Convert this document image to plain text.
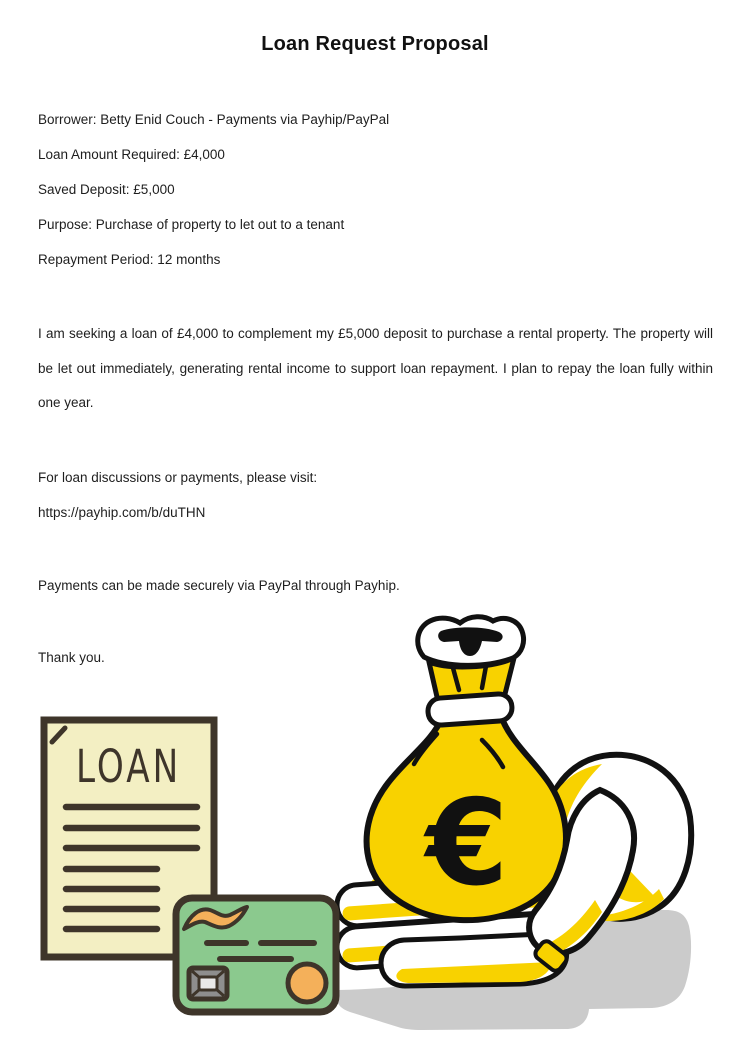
Loan Request Proposal

Borrower: Betty Enid Couch - Payments via Payhip/PayPal

Loan Amount Required: £4,000

Saved Deposit: £5,000

Purpose: Purchase of property to let out to a tenant

Repayment Period: 12 months

I am seeking a loan of £4,000 to complement my £5,000 deposit to purchase a rental property. The property will be let out immediately, generating rental income to support loan repayment. I plan to repay the loan fully within one year.

For loan discussions or payments, please visit:

https://payhip.com/b/duTHN

Payments can be made securely via PayPal through Payhip.

Thank you.

LOAN
€
